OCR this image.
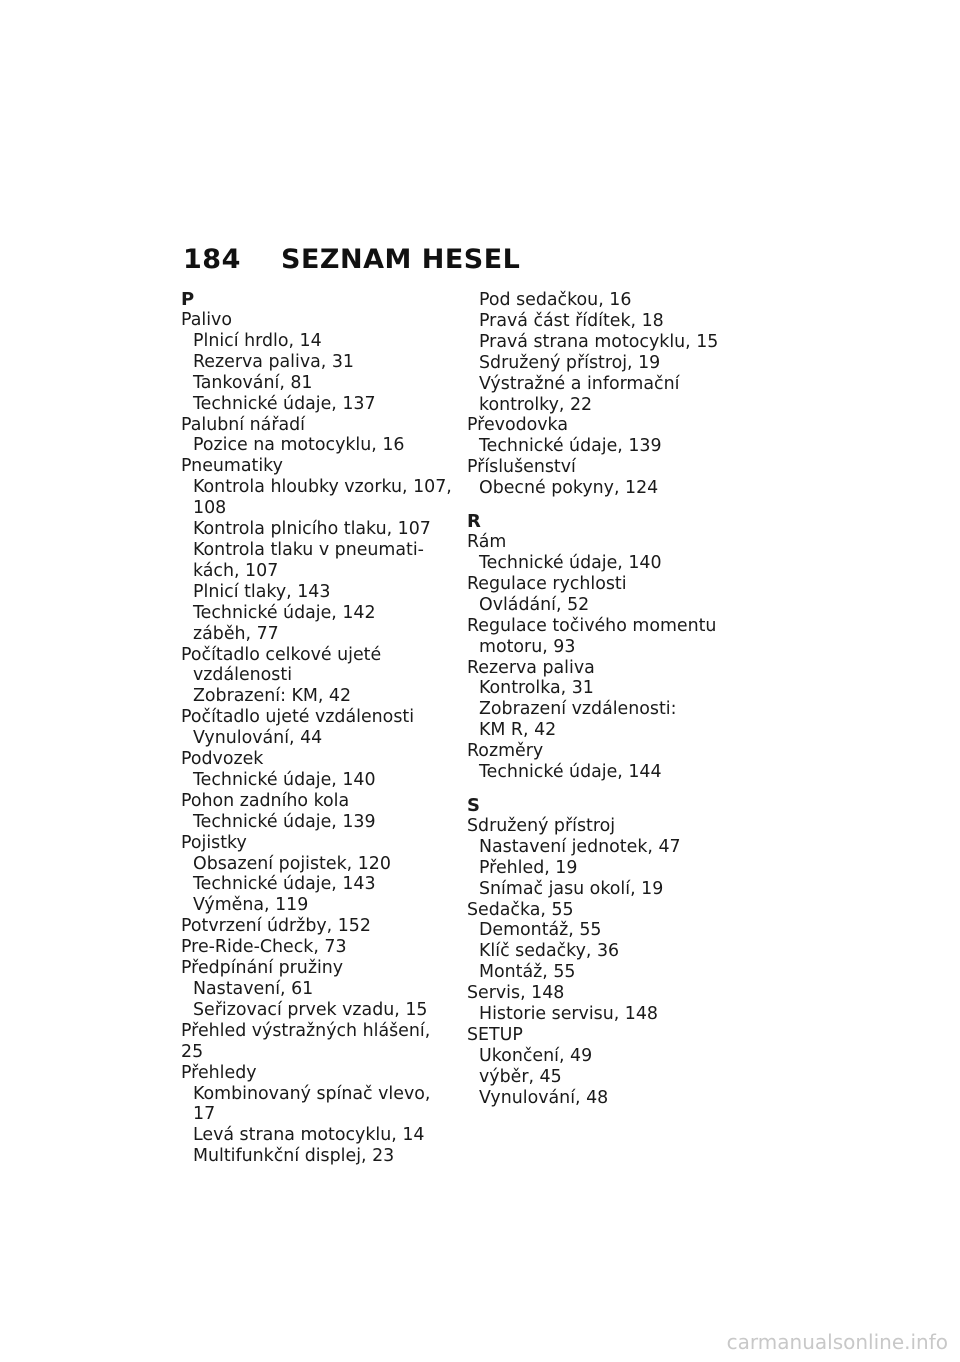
184 SEZNAM HESEL
P
Palivo
Plnicí hrdlo, 14
Rezerva paliva, 31
Tankování, 81
Technické údaje, 137
Palubní nářadí
Pozice na motocyklu, 16
Pneumatiky
Kontrola hloubky vzorku, 107,
108
Kontrola plnicího tlaku, 107
Kontrola tlaku v pneumati-
kách, 107
Plnicí tlaky, 143
Technické údaje, 142
záběh, 77
Počítadlo celkové ujeté
vzdálenosti
Zobrazení: KM, 42
Počítadlo ujeté vzdálenosti
Vynulování, 44
Podvozek
Technické údaje, 140
Pohon zadního kola
Technické údaje, 139
Pojistky
Obsazení pojistek, 120
Technické údaje, 143
Výměna, 119
Potvrzení údržby, 152
Pre-Ride-Check, 73
Předpínání pružiny
Nastavení, 61
Seřizovací prvek vzadu, 15
Přehled výstražných hlášení, 25
Přehledy
Kombinovaný spínač vlevo, 17
Levá strana motocyklu, 14
Multifunkční displej, 23
Pod sedačkou, 16
Pravá část řídítek, 18
Pravá strana motocyklu, 15
Sdružený přístroj, 19
Výstražné a informační
kontrolky, 22
Převodovka
Technické údaje, 139
Příslušenství
Obecné pokyny, 124
R
Rám
Technické údaje, 140
Regulace rychlosti
Ovládání, 52
Regulace točivého momentu
motoru, 93
Rezerva paliva
Kontrolka, 31
Zobrazení vzdálenosti:
KM R, 42
Rozměry
Technické údaje, 144
S
Sdružený přístroj
Nastavení jednotek, 47
Přehled, 19
Snímač jasu okolí, 19
Sedačka, 55
Demontáž, 55
Klíč sedačky, 36
Montáž, 55
Servis, 148
Historie servisu, 148
SETUP
Ukončení, 49
výběr, 45
Vynulování, 48
carmanualsonline.info
